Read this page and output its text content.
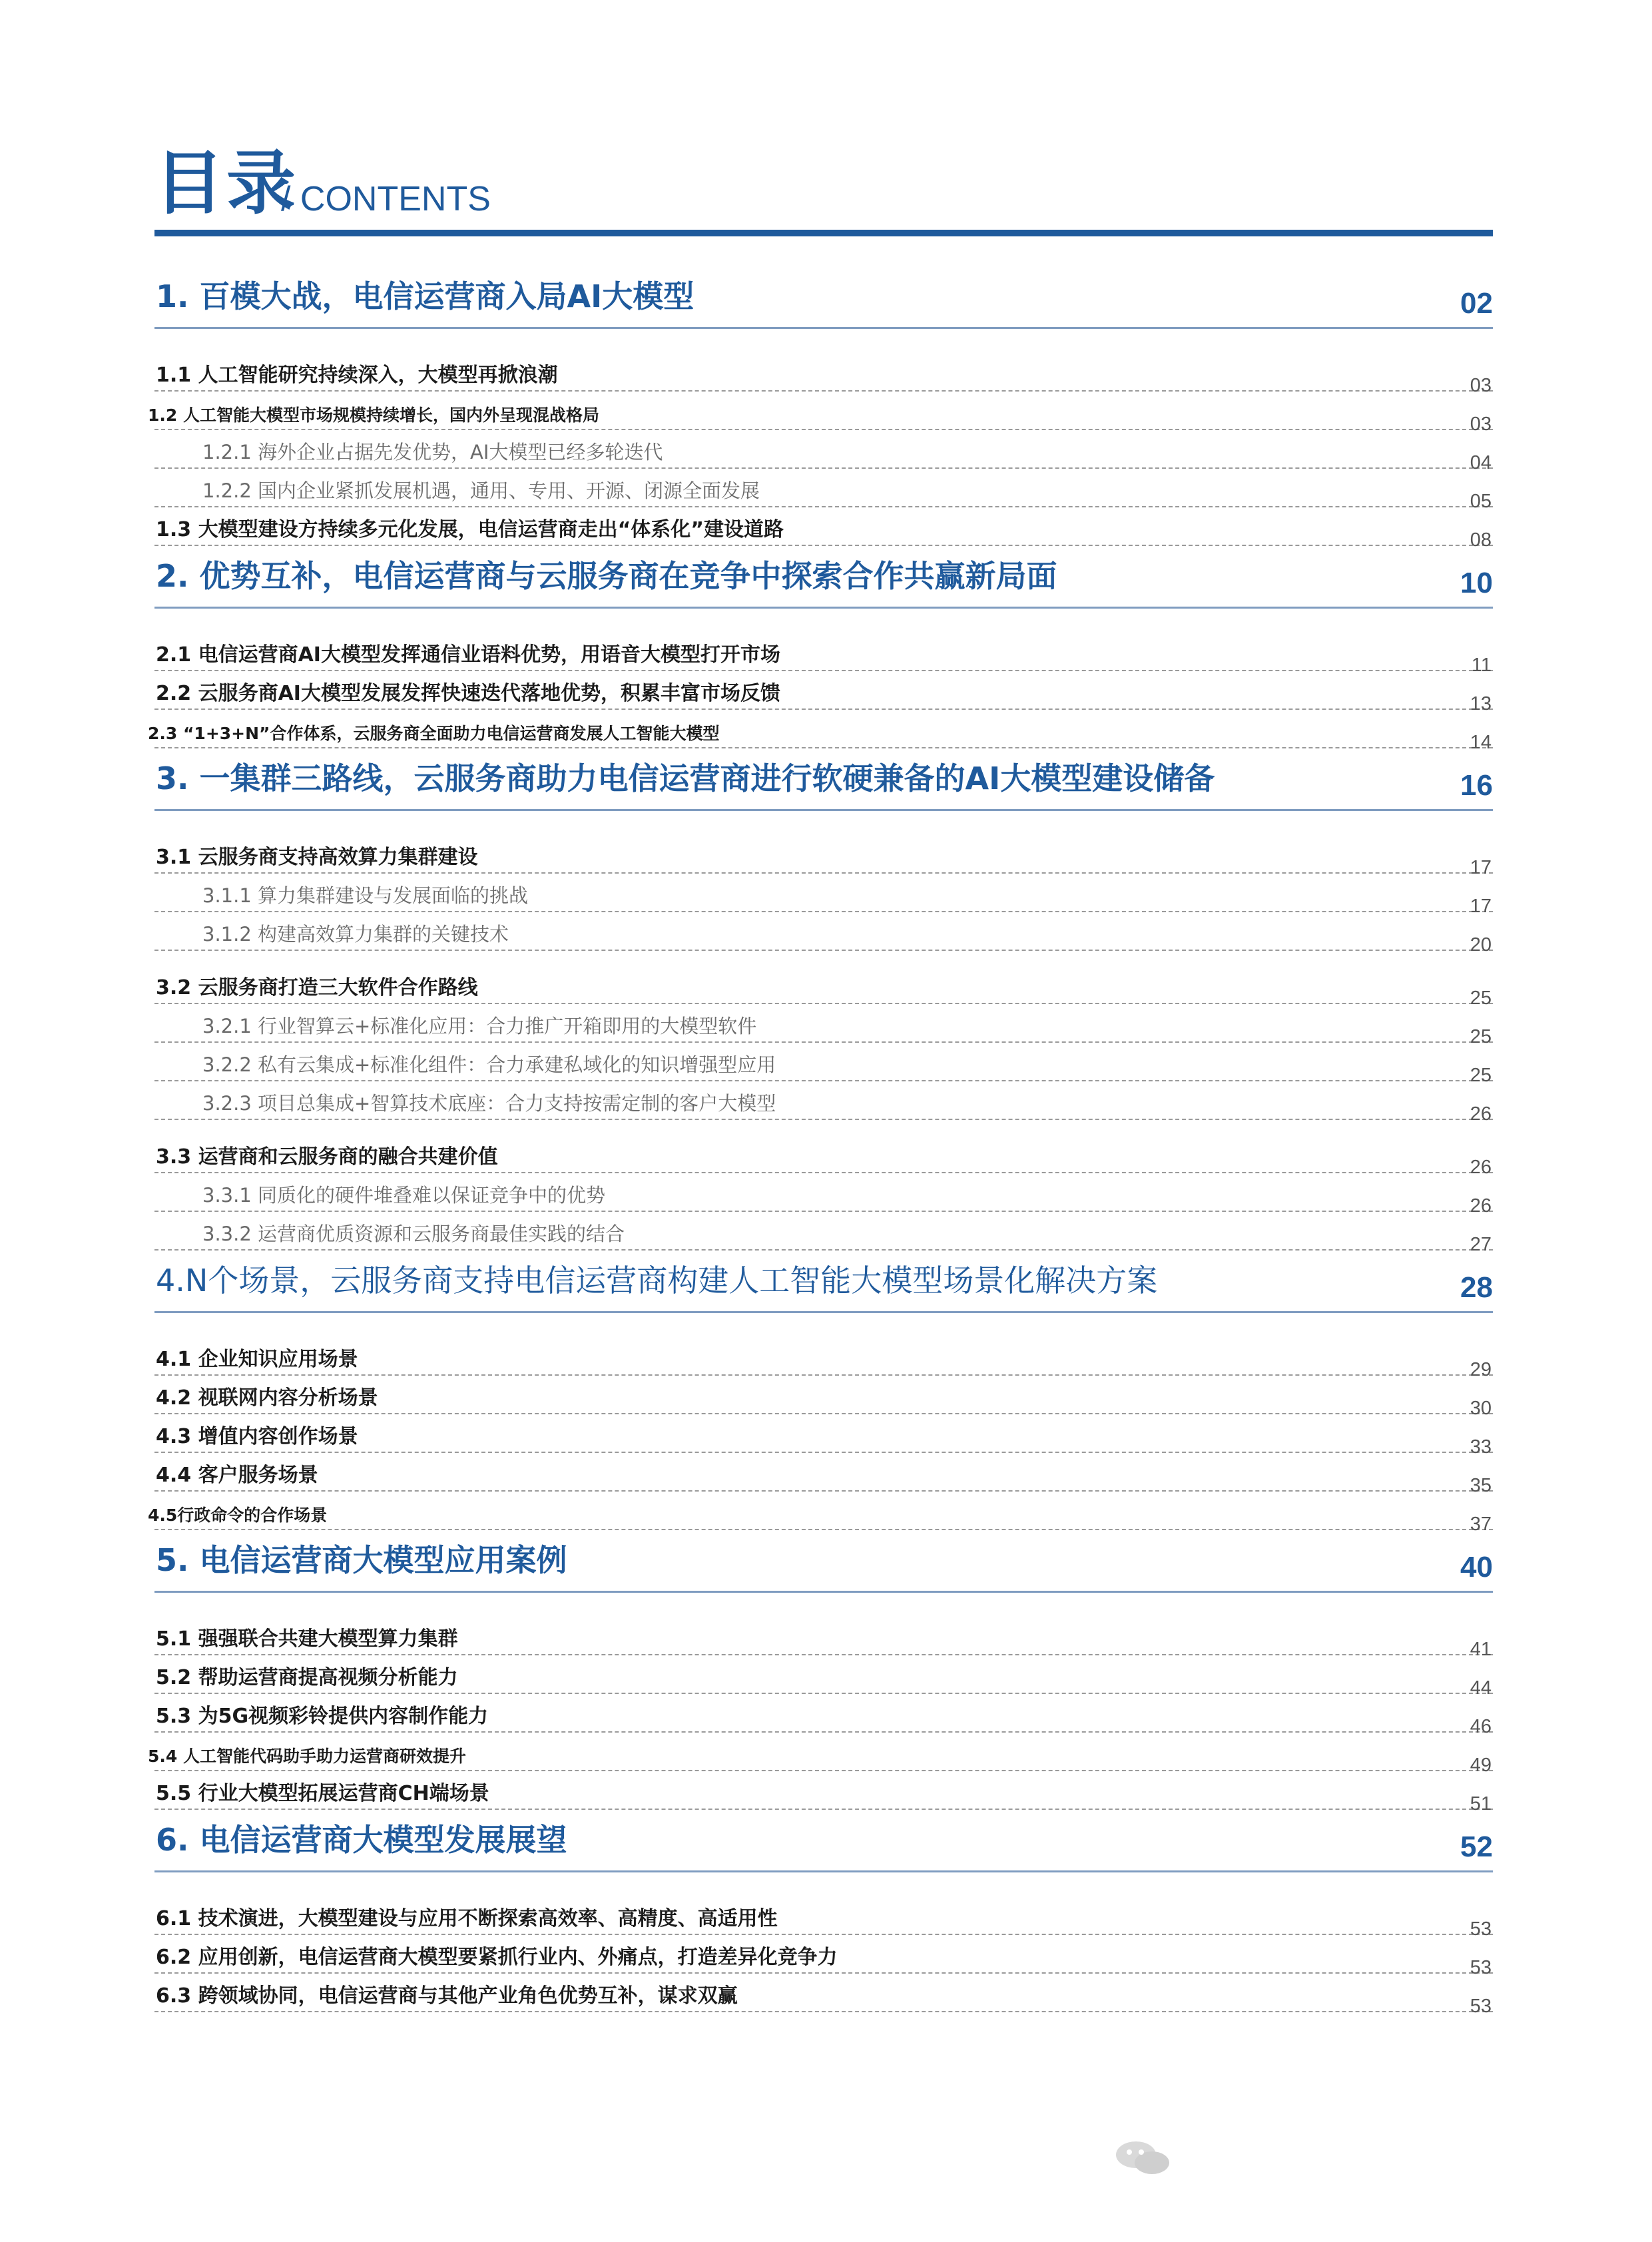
目录
/ CONTENTS
1. 百模大战，电信运营商入局AI大模型	02
1.1 人工智能研究持续深入，大模型再掀浪潮	03
1.2 人工智能大模型市场规模持续增长，国内外呈现混战格局	03
1.2.1 海外企业占据先发优势，AI大模型已经多轮迭代	04
1.2.2 国内企业紧抓发展机遇，通用、专用、开源、闭源全面发展	05
1.3 大模型建设方持续多元化发展，电信运营商走出“体系化”建设道路	08
2. 优势互补，电信运营商与云服务商在竞争中探索合作共赢新局面	10
2.1 电信运营商AI大模型发挥通信业语料优势，用语音大模型打开市场	11
2.2 云服务商AI大模型发展发挥快速迭代落地优势，积累丰富市场反馈	13
2.3 “1+3+N”合作体系，云服务商全面助力电信运营商发展人工智能大模型	14
3. 一集群三路线，云服务商助力电信运营商进行软硬兼备的AI大模型建设储备	16
3.1 云服务商支持高效算力集群建设	17
3.1.1 算力集群建设与发展面临的挑战	17
3.1.2 构建高效算力集群的关键技术	20
3.2 云服务商打造三大软件合作路线	25
3.2.1 行业智算云+标准化应用：合力推广开箱即用的大模型软件	25
3.2.2 私有云集成+标准化组件：合力承建私域化的知识增强型应用	25
3.2.3 项目总集成+智算技术底座：合力支持按需定制的客户大模型	26
3.3 运营商和云服务商的融合共建价值	26
3.3.1 同质化的硬件堆叠难以保证竞争中的优势	26
3.3.2 运营商优质资源和云服务商最佳实践的结合	27
4.N个场景，云服务商支持电信运营商构建人工智能大模型场景化解决方案	28
4.1 企业知识应用场景	29
4.2 视联网内容分析场景	30
4.3 增值内容创作场景	33
4.4 客户服务场景	35
4.5行政命令的合作场景	37
5. 电信运营商大模型应用案例	40
5.1 强强联合共建大模型算力集群	41
5.2 帮助运营商提高视频分析能力	44
5.3 为5G视频彩铃提供内容制作能力	46
5.4 人工智能代码助手助力运营商研效提升	49
5.5 行业大模型拓展运营商CH端场景	51
6. 电信运营商大模型发展展望	52
6.1 技术演进，大模型建设与应用不断探索高效率、高精度、高适用性	53
6.2 应用创新，电信运营商大模型要紧抓行业内、外痛点，打造差异化竞争力	53
6.3 跨领域协同，电信运营商与其他产业角色优势互补，谋求双赢	53
